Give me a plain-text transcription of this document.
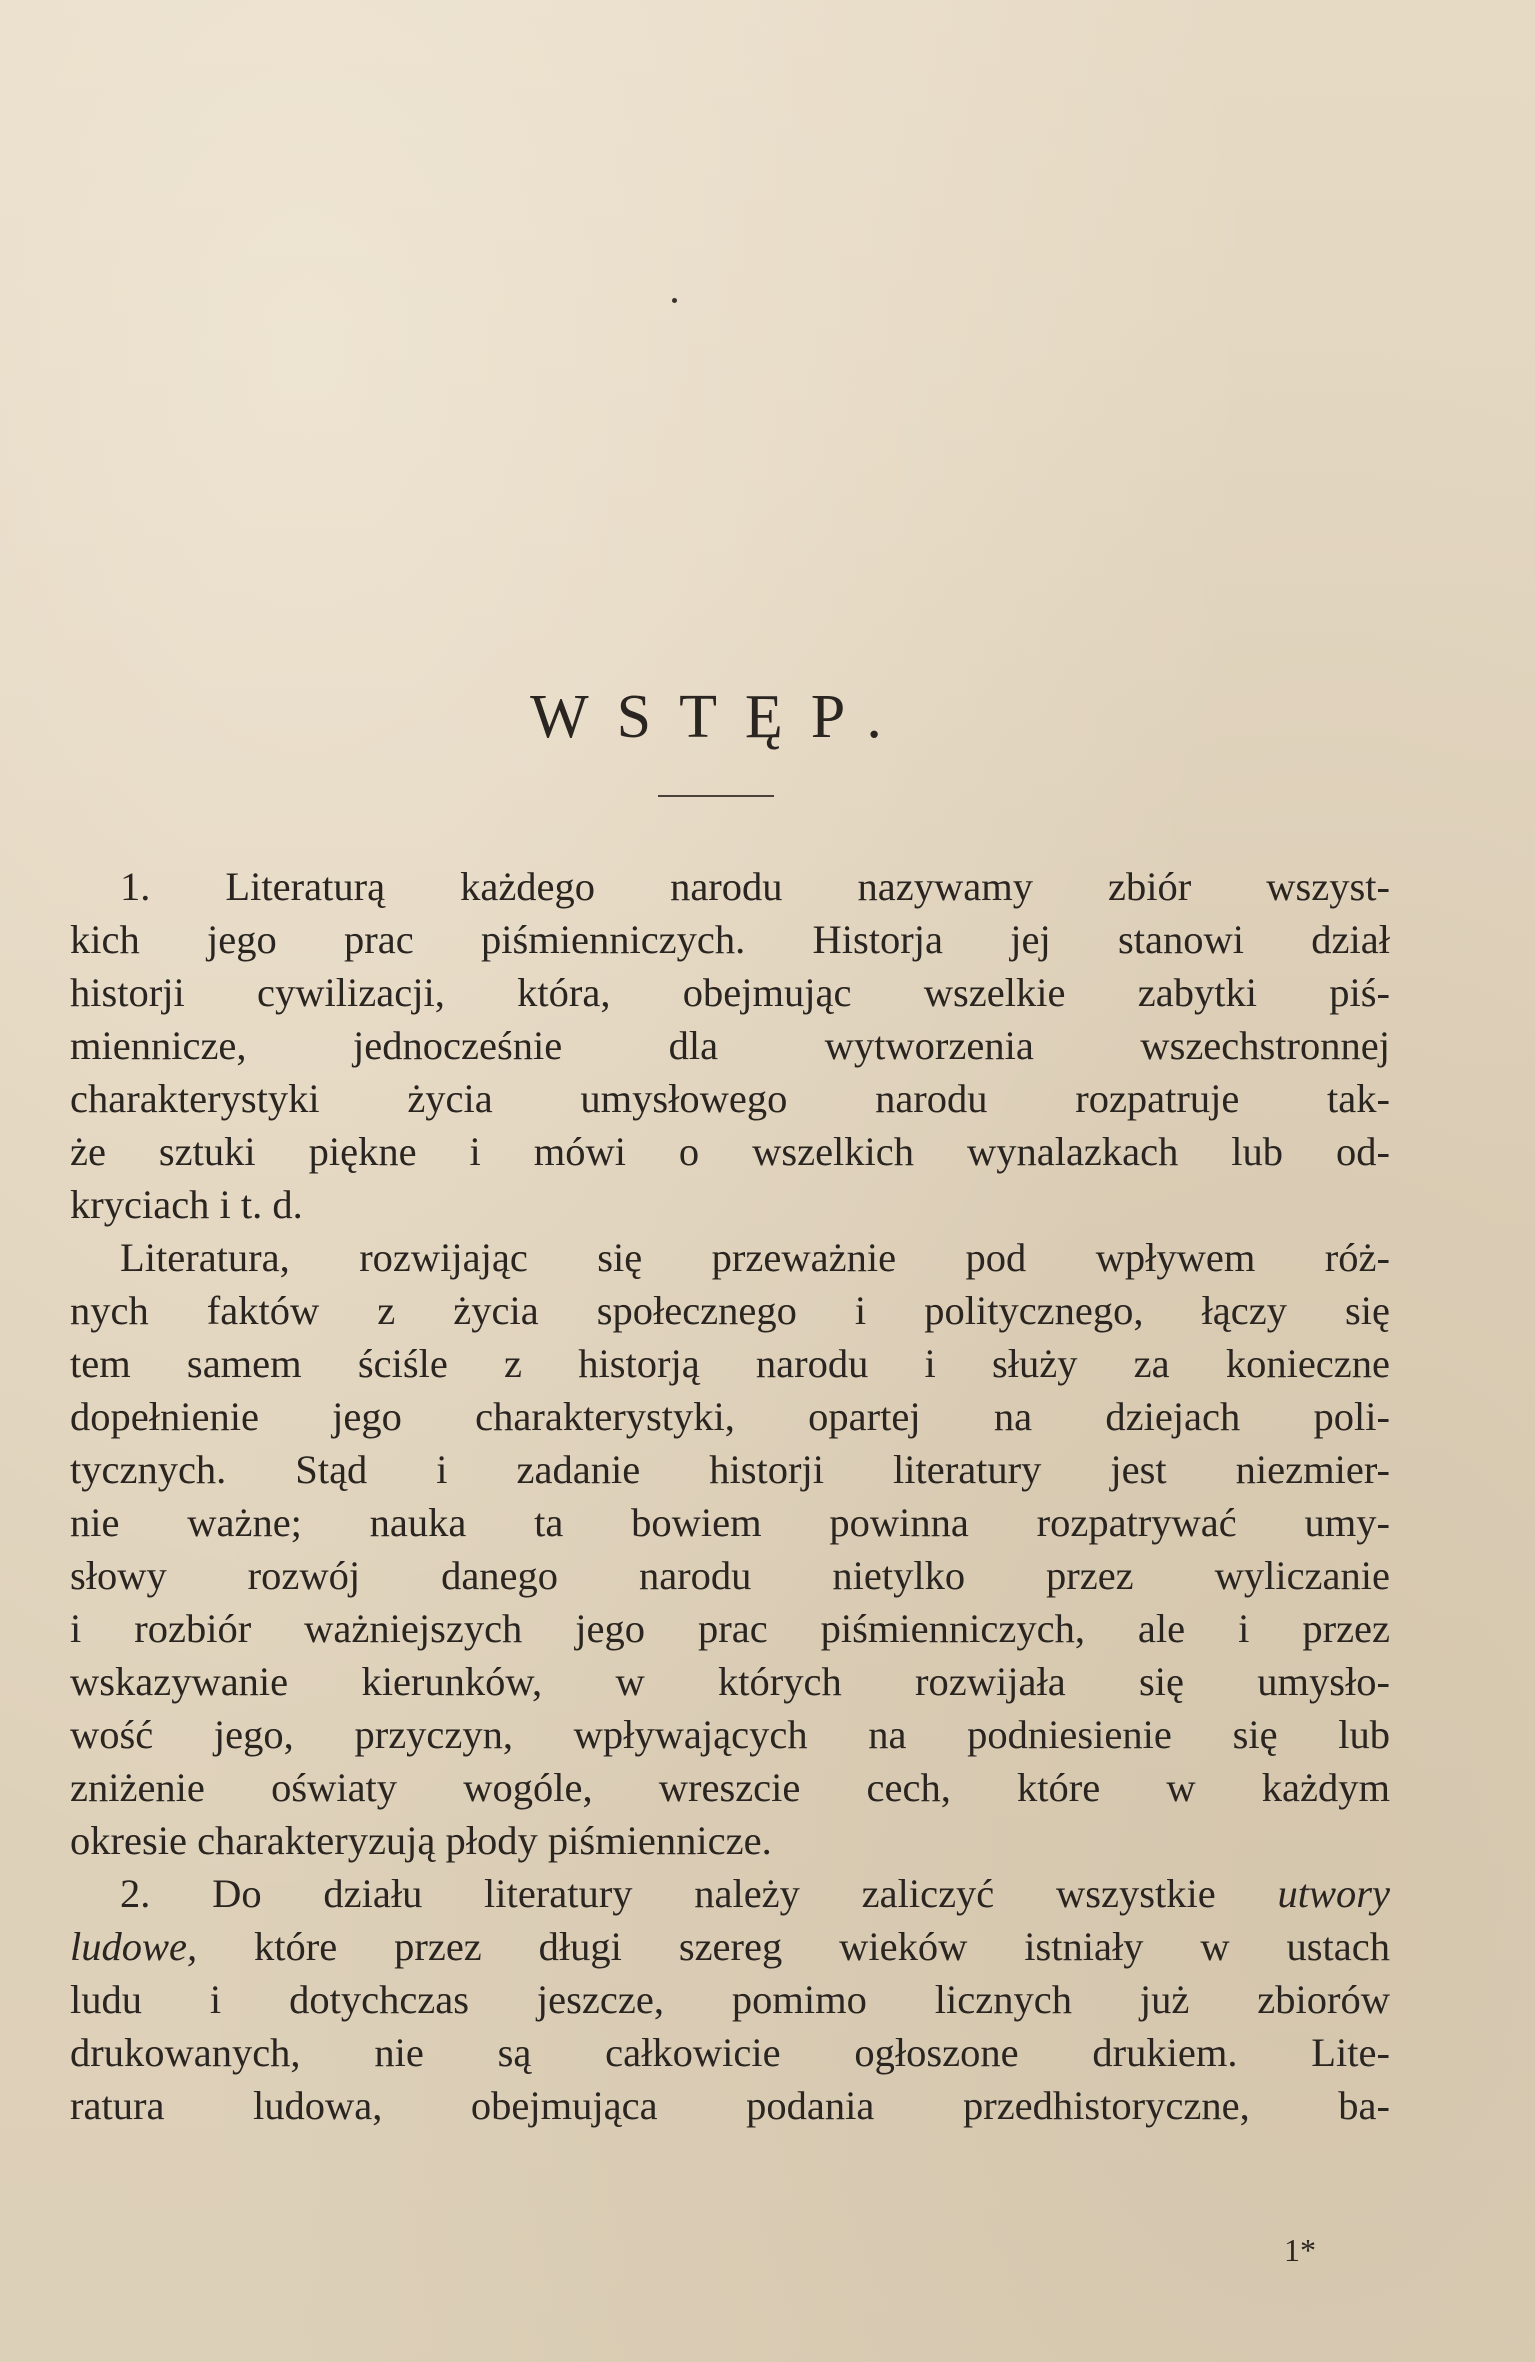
WSTĘP.
1. Literaturą każdego narodu nazywamy zbiór wszyst-
kich jego prac piśmienniczych. Historja jej stanowi dział
historji cywilizacji, która, obejmując wszelkie zabytki piś-
miennicze, jednocześnie dla wytworzenia wszechstronnej
charakterystyki życia umysłowego narodu rozpatruje tak-
że sztuki piękne i mówi o wszelkich wynalazkach lub od-
kryciach i t. d.
Literatura, rozwijając się przeważnie pod wpływem róż-
nych faktów z życia społecznego i politycznego, łączy się
tem samem ściśle z historją narodu i służy za konieczne
dopełnienie jego charakterystyki, opartej na dziejach poli-
tycznych. Stąd i zadanie historji literatury jest niezmier-
nie ważne; nauka ta bowiem powinna rozpatrywać umy-
słowy rozwój danego narodu nietylko przez wyliczanie
i rozbiór ważniejszych jego prac piśmienniczych, ale i przez
wskazywanie kierunków, w których rozwijała się umysło-
wość jego, przyczyn, wpływających na podniesienie się lub
zniżenie oświaty wogóle, wreszcie cech, które w każdym
okresie charakteryzują płody piśmiennicze.
2. Do działu literatury należy zaliczyć wszystkie utwory
ludowe, które przez długi szereg wieków istniały w ustach
ludu i dotychczas jeszcze, pomimo licznych już zbiorów
drukowanych, nie są całkowicie ogłoszone drukiem. Lite-
ratura ludowa, obejmująca podania przedhistoryczne, ba-
1*
